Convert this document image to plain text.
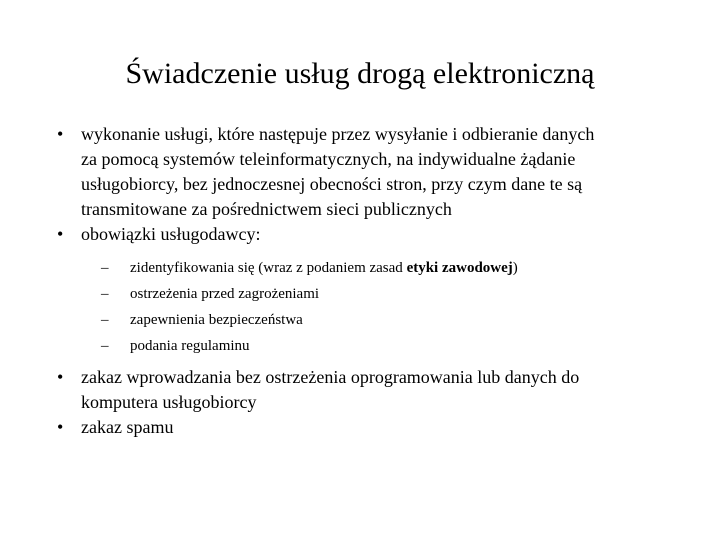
Świadczenie usług drogą elektroniczną
• wykonanie usługi, które następuje przez wysyłanie i odbieranie danych
za pomocą systemów teleinformatycznych, na indywidualne żądanie
usługobiorcy, bez jednoczesnej obecności stron, przy czym dane te są
transmitowane za pośrednictwem sieci publicznych
• obowiązki usługodawcy:
– zidentyfikowania się (wraz z podaniem zasad etyki zawodowej)
– ostrzeżenia przed zagrożeniami
– zapewnienia bezpieczeństwa
– podania regulaminu
• zakaz wprowadzania bez ostrzeżenia oprogramowania lub danych do
komputera usługobiorcy
• zakaz spamu
